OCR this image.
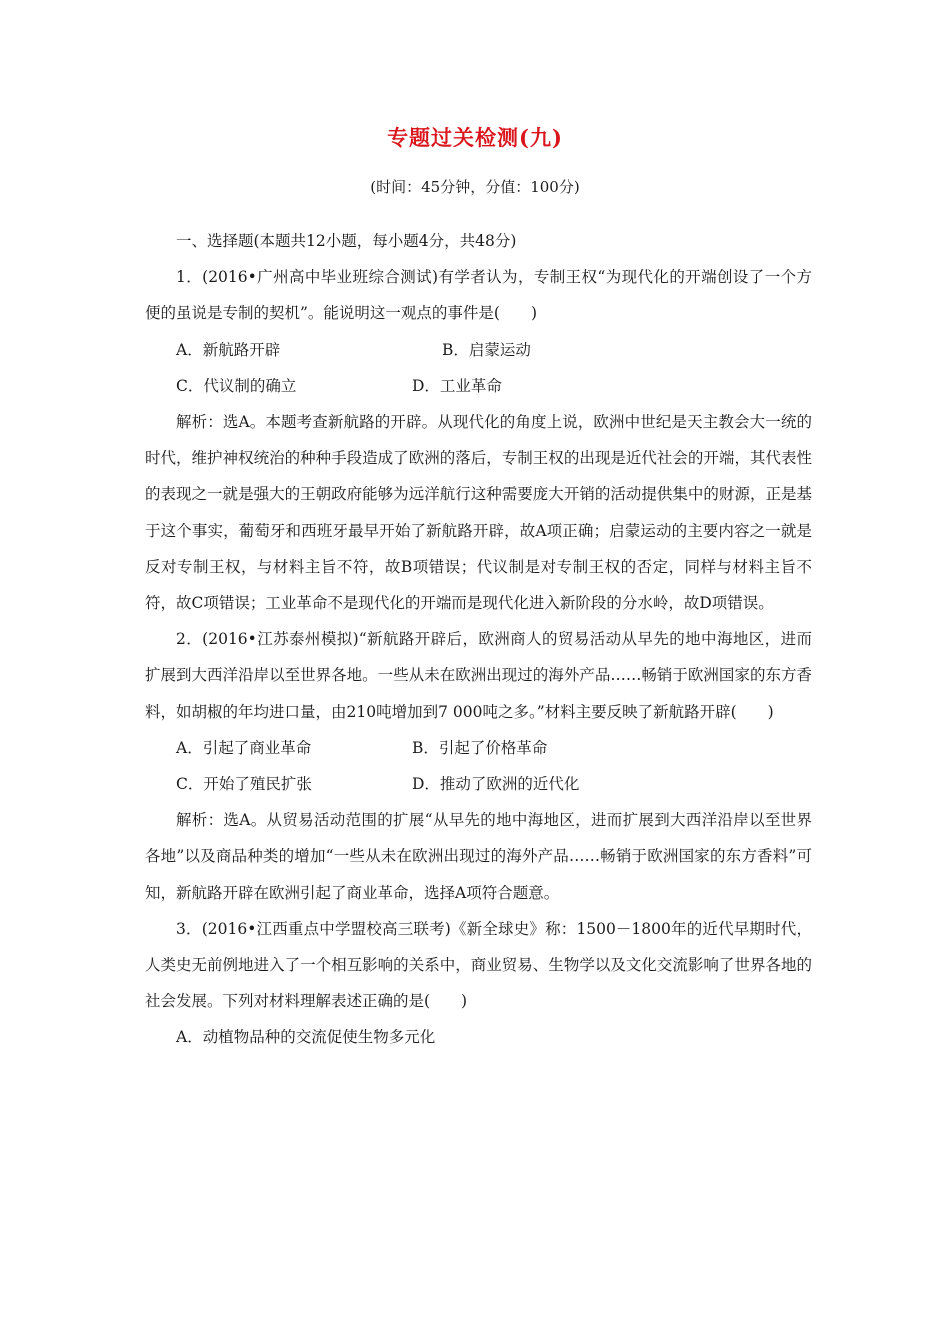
专题过关检测(九)
(时间：45分钟，分值：100分)

一、选择题(本题共12小题，每小题4分，共48分)

1．(2016•广州高中毕业班综合测试)有学者认为，专制王权“为现代化的开端创设了一个方便的虽说是专制的契机”。能说明这一观点的事件是(　　)

A．新航路开辟	B．启蒙运动
C．代议制的确立	D．工业革命

解析：选A。本题考查新航路的开辟。从现代化的角度上说，欧洲中世纪是天主教会大一统的时代，维护神权统治的种种手段造成了欧洲的落后，专制王权的出现是近代社会的开端，其代表性的表现之一就是强大的王朝政府能够为远洋航行这种需要庞大开销的活动提供集中的财源，正是基于这个事实，葡萄牙和西班牙最早开始了新航路开辟，故A项正确；启蒙运动的主要内容之一就是反对专制王权，与材料主旨不符，故B项错误；代议制是对专制王权的否定，同样与材料主旨不符，故C项错误；工业革命不是现代化的开端而是现代化进入新阶段的分水岭，故D项错误。

2．(2016•江苏泰州模拟)“新航路开辟后，欧洲商人的贸易活动从早先的地中海地区，进而扩展到大西洋沿岸以至世界各地。一些从未在欧洲出现过的海外产品……畅销于欧洲国家的东方香料，如胡椒的年均进口量，由210吨增加到7 000吨之多。”材料主要反映了新航路开辟(　　)

A．引起了商业革命	B．引起了价格革命
C．开始了殖民扩张	D．推动了欧洲的近代化

解析：选A。从贸易活动范围的扩展“从早先的地中海地区，进而扩展到大西洋沿岸以至世界各地”以及商品种类的增加“一些从未在欧洲出现过的海外产品……畅销于欧洲国家的东方香料”可知，新航路开辟在欧洲引起了商业革命，选择A项符合题意。

3．(2016•江西重点中学盟校高三联考)《新全球史》称：1500－1800年的近代早期时代，人类史无前例地进入了一个相互影响的关系中，商业贸易、生物学以及文化交流影响了世界各地的社会发展。下列对材料理解表述正确的是(　　)

A．动植物品种的交流促使生物多元化
